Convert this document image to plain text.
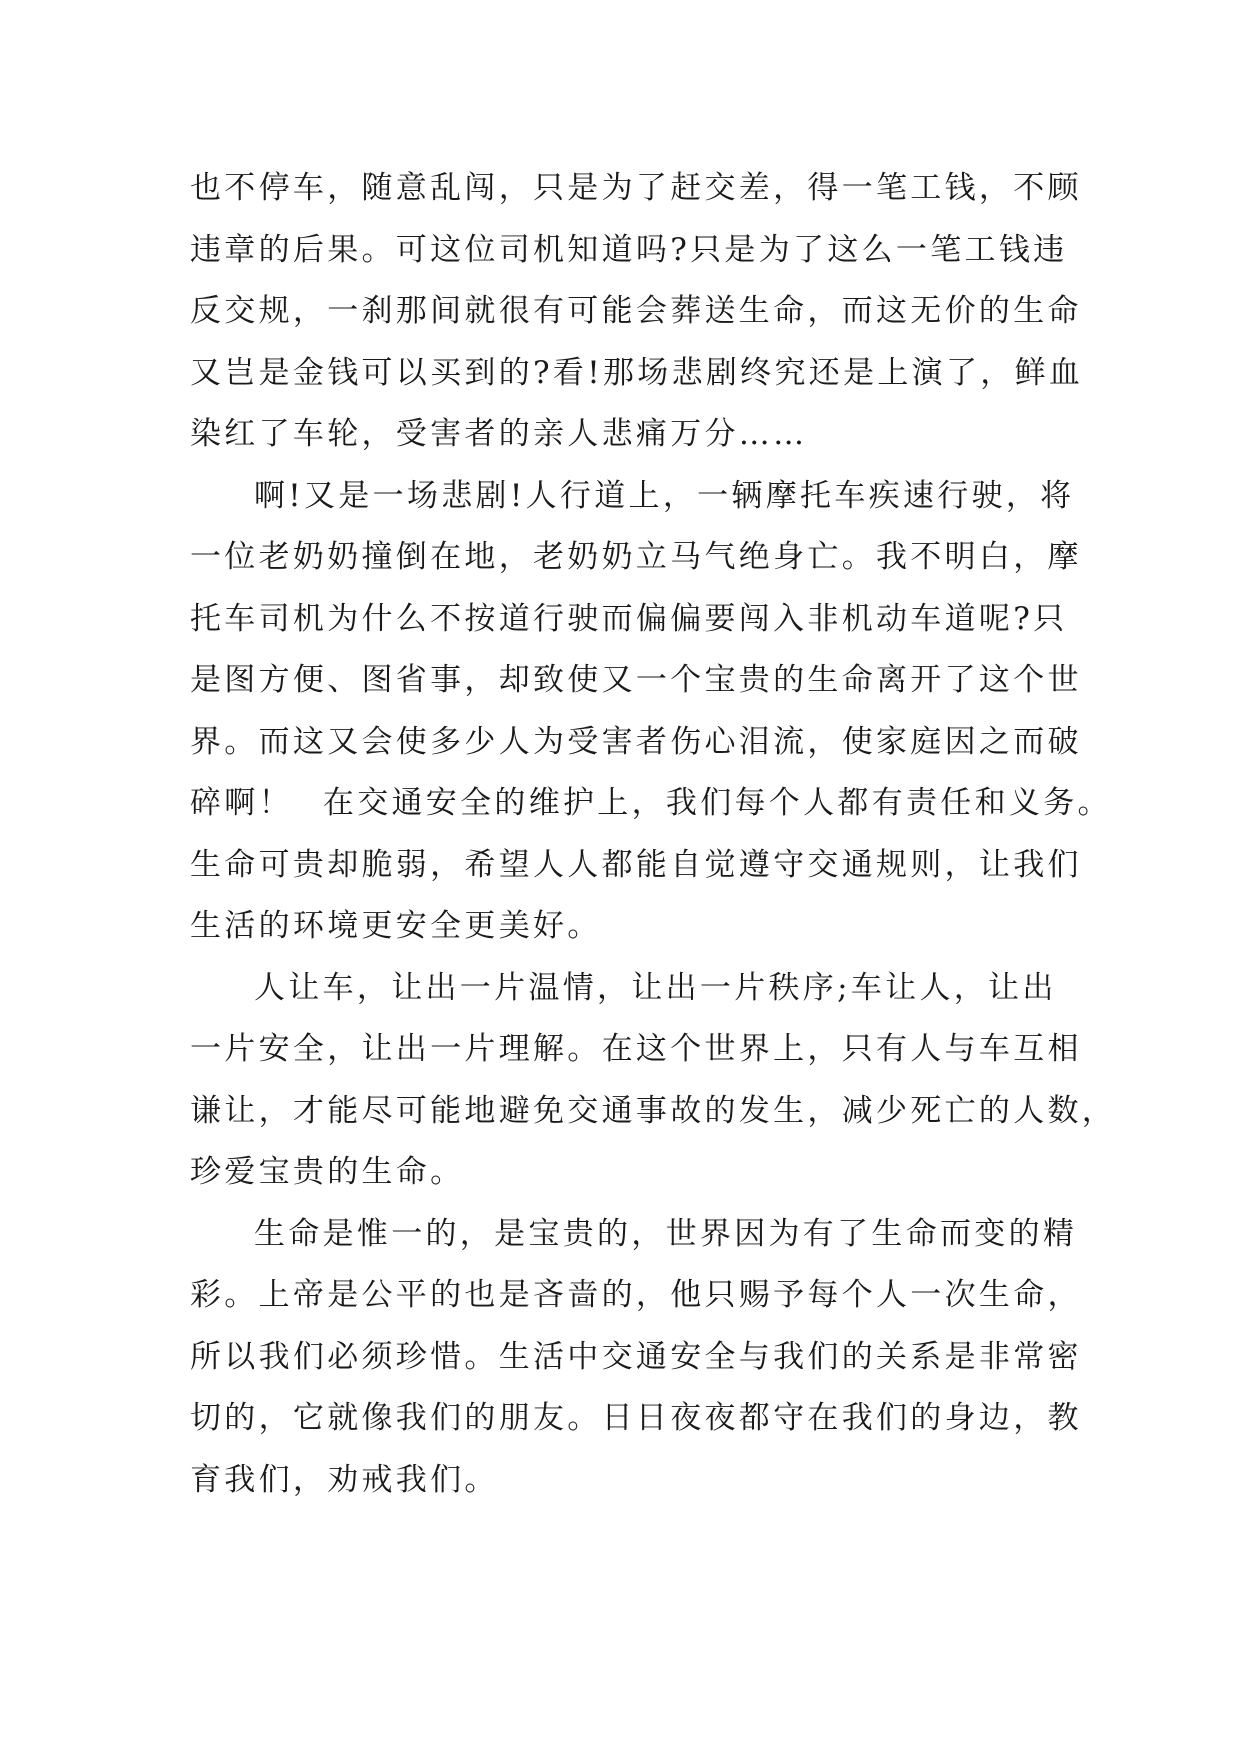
也不停车，随意乱闯，只是为了赶交差，得一笔工钱，不顾
违章的后果。可这位司机知道吗?只是为了这么一笔工钱违
反交规，一刹那间就很有可能会葬送生命，而这无价的生命
又岂是金钱可以买到的?看!那场悲剧终究还是上演了，鲜血
染红了车轮，受害者的亲人悲痛万分……
啊!又是一场悲剧!人行道上，一辆摩托车疾速行驶，将
一位老奶奶撞倒在地，老奶奶立马气绝身亡。我不明白，摩
托车司机为什么不按道行驶而偏偏要闯入非机动车道呢?只
是图方便、图省事，却致使又一个宝贵的生命离开了这个世
界。而这又会使多少人为受害者伤心泪流，使家庭因之而破
碎啊！ 在交通安全的维护上，我们每个人都有责任和义务。
生命可贵却脆弱，希望人人都能自觉遵守交通规则，让我们
生活的环境更安全更美好。
人让车，让出一片温情，让出一片秩序;车让人，让出
一片安全，让出一片理解。在这个世界上，只有人与车互相
谦让，才能尽可能地避免交通事故的发生，减少死亡的人数，
珍爱宝贵的生命。
生命是惟一的，是宝贵的，世界因为有了生命而变的精
彩。上帝是公平的也是吝啬的，他只赐予每个人一次生命，
所以我们必须珍惜。生活中交通安全与我们的关系是非常密
切的，它就像我们的朋友。日日夜夜都守在我们的身边，教
育我们，劝戒我们。
